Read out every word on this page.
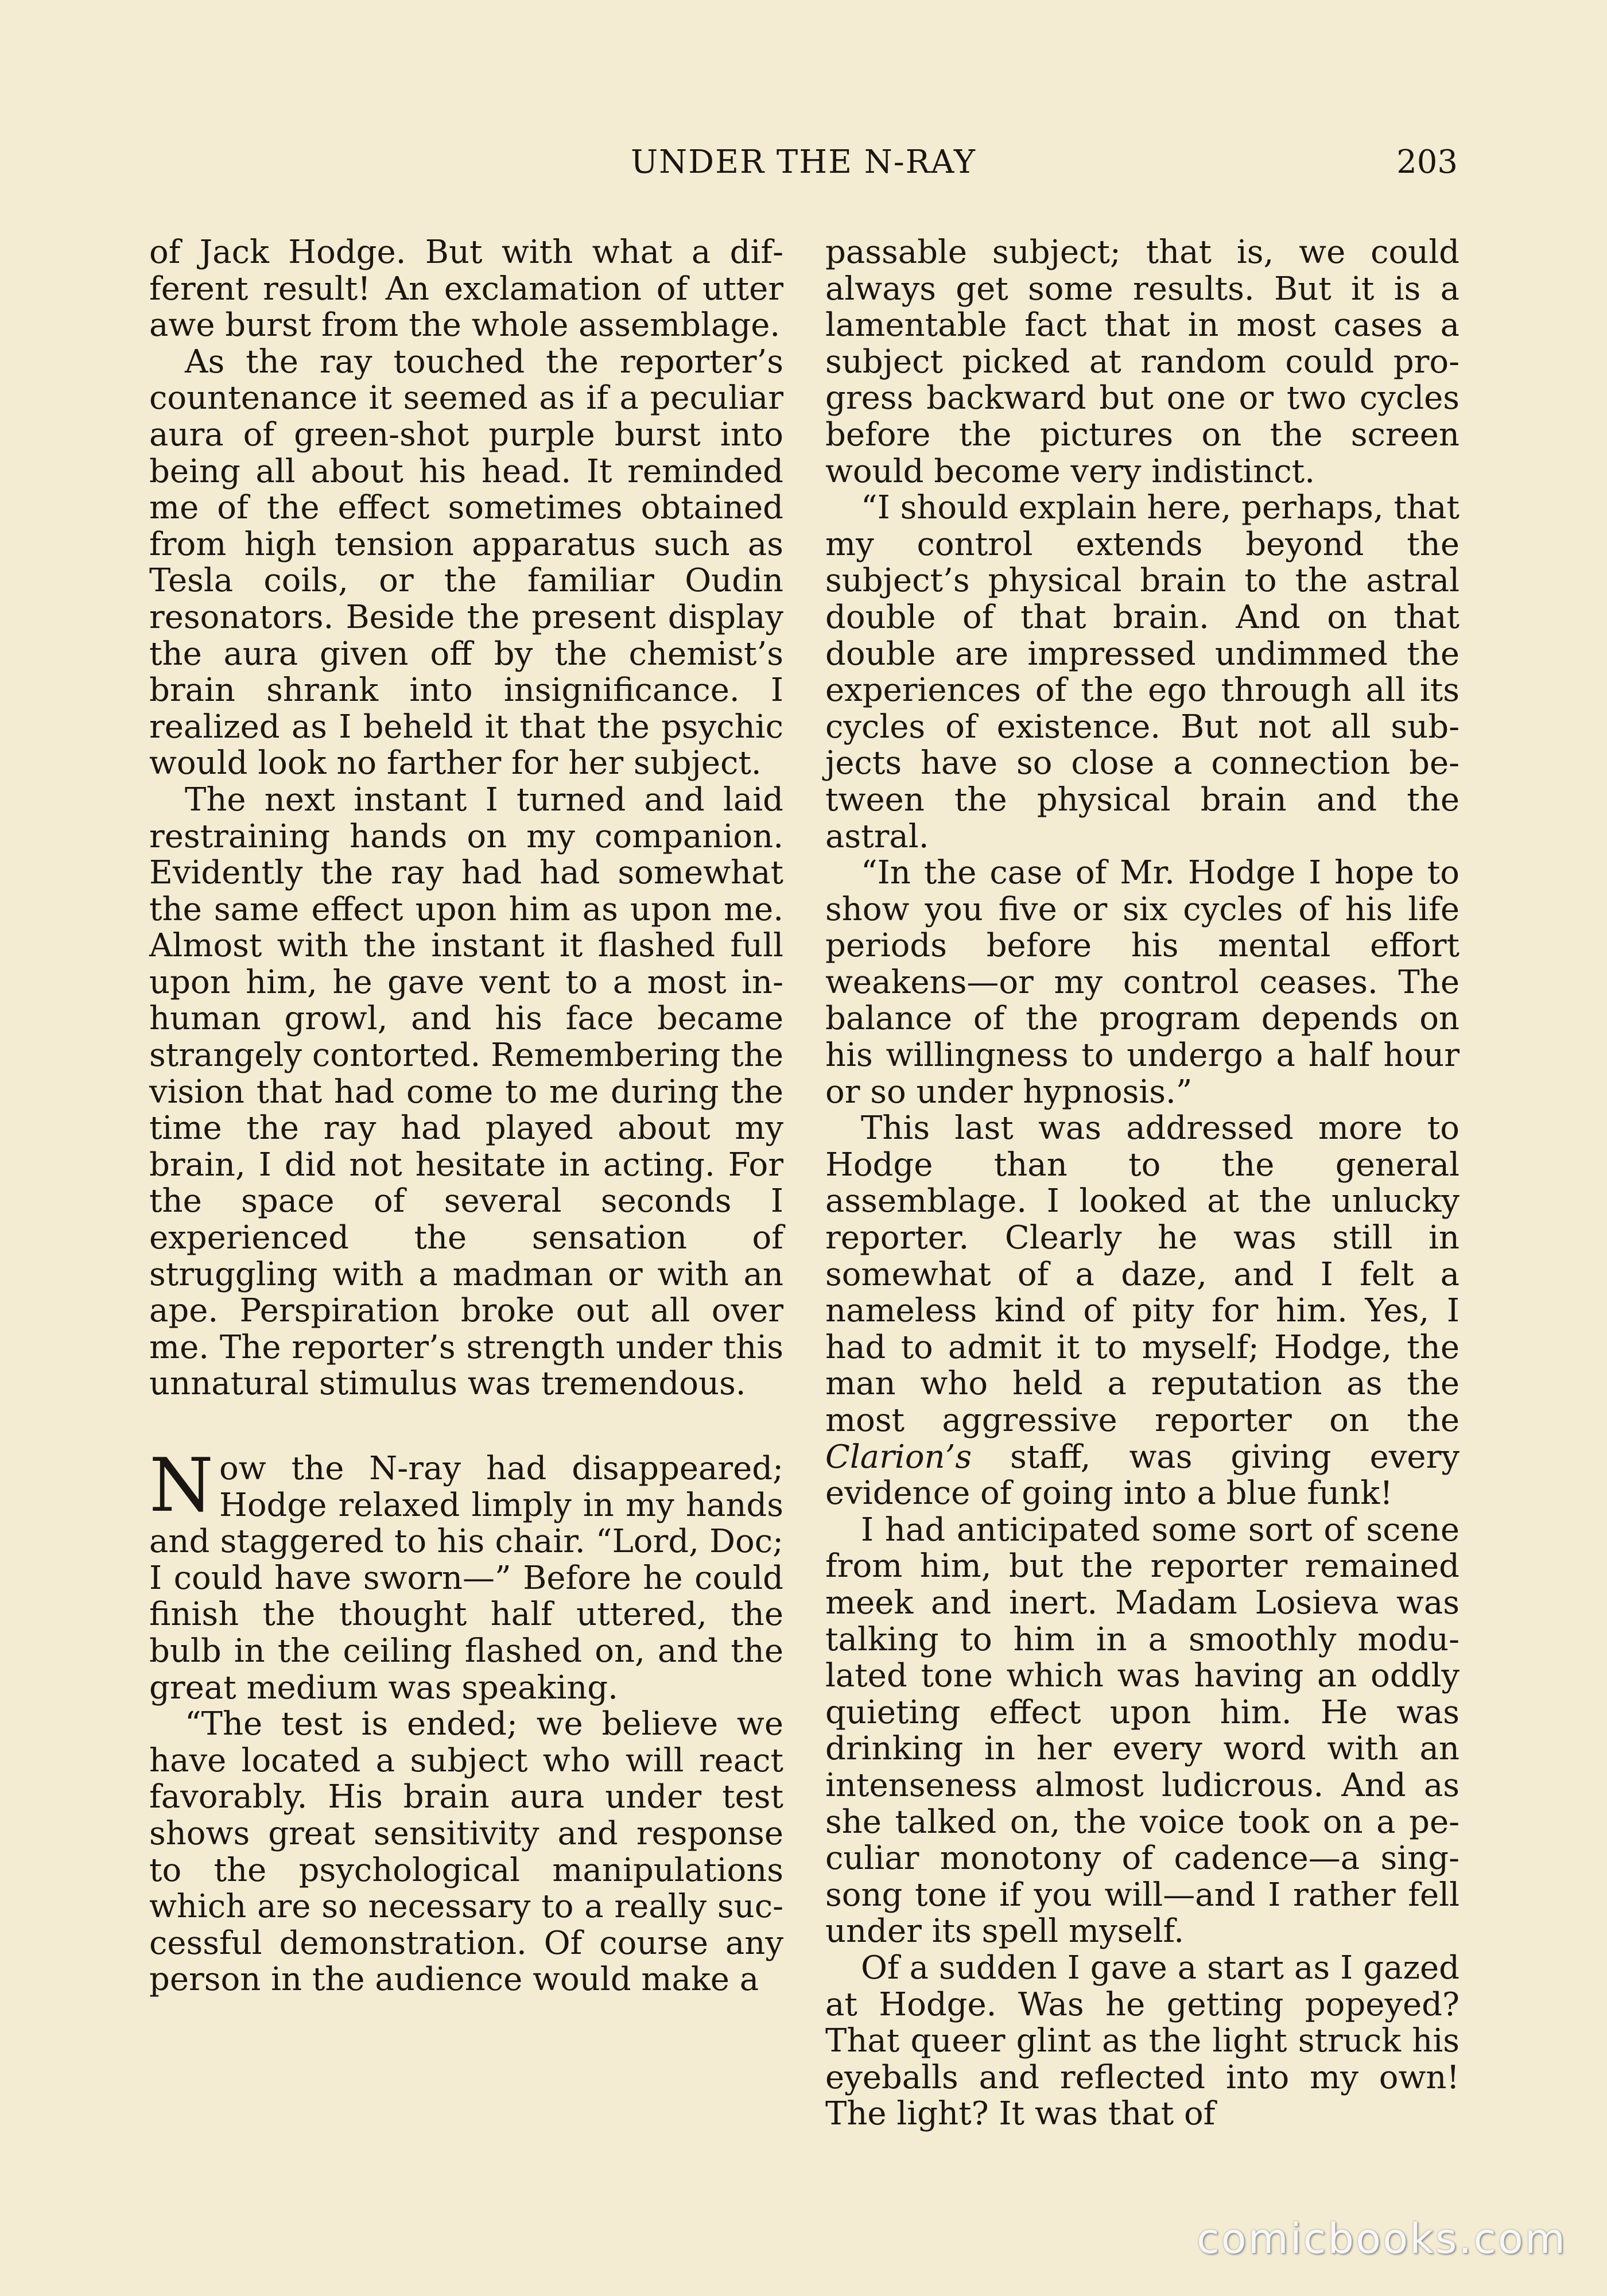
UNDER THE N-RAY	203

of Jack Hodge. But with what a different result! An exclamation of utter awe burst from the whole assemblage.

As the ray touched the reporter’s countenance it seemed as if a peculiar aura of green-shot purple burst into being all about his head. It reminded me of the effect sometimes obtained from high tension apparatus such as Tesla coils, or the familiar Oudin resonators. Beside the present display the aura given off by the chemist’s brain shrank into insignificance. I realized as I beheld it that the psychic would look no farther for her subject.

The next instant I turned and laid restraining hands on my companion. Evidently the ray had had somewhat the same effect upon him as upon me. Almost with the instant it flashed full upon him, he gave vent to a most inhuman growl, and his face became strangely contorted. Remembering the vision that had come to me during the time the ray had played about my brain, I did not hesitate in acting. For the space of several seconds I experienced the sensation of struggling with a madman or with an ape. Perspiration broke out all over me. The reporter’s strength under this unnatural stimulus was tremendous.

Now the N-ray had disappeared; Hodge relaxed limply in my hands and staggered to his chair. “Lord, Doc; I could have sworn—” Before he could finish the thought half uttered, the bulb in the ceiling flashed on, and the great medium was speaking.

“The test is ended; we believe we have located a subject who will react favorably. His brain aura under test shows great sensitivity and response to the psychological manipulations which are so necessary to a really successful demonstration. Of course any person in the audience would make a

passable subject; that is, we could always get some results. But it is a lamentable fact that in most cases a subject picked at random could progress backward but one or two cycles before the pictures on the screen would become very indistinct.

“I should explain here, perhaps, that my control extends beyond the subject’s physical brain to the astral double of that brain. And on that double are impressed undimmed the experiences of the ego through all its cycles of existence. But not all subjects have so close a connection between the physical brain and the astral.

“In the case of Mr. Hodge I hope to show you five or six cycles of his life periods before his mental effort weakens—or my control ceases. The balance of the program depends on his willingness to undergo a half hour or so under hypnosis.”

This last was addressed more to Hodge than to the general assemblage. I looked at the unlucky reporter. Clearly he was still in somewhat of a daze, and I felt a nameless kind of pity for him. Yes, I had to admit it to myself; Hodge, the man who held a reputation as the most aggressive reporter on the Clarion’s staff, was giving every evidence of going into a blue funk!

I had anticipated some sort of scene from him, but the reporter remained meek and inert. Madam Losieva was talking to him in a smoothly modulated tone which was having an oddly quieting effect upon him. He was drinking in her every word with an intenseness almost ludicrous. And as she talked on, the voice took on a peculiar monotony of cadence—a singsong tone if you will—and I rather fell under its spell myself.

Of a sudden I gave a start as I gazed at Hodge. Was he getting popeyed? That queer glint as the light struck his eyeballs and reflected into my own! The light? It was that of

comicbooks.com
